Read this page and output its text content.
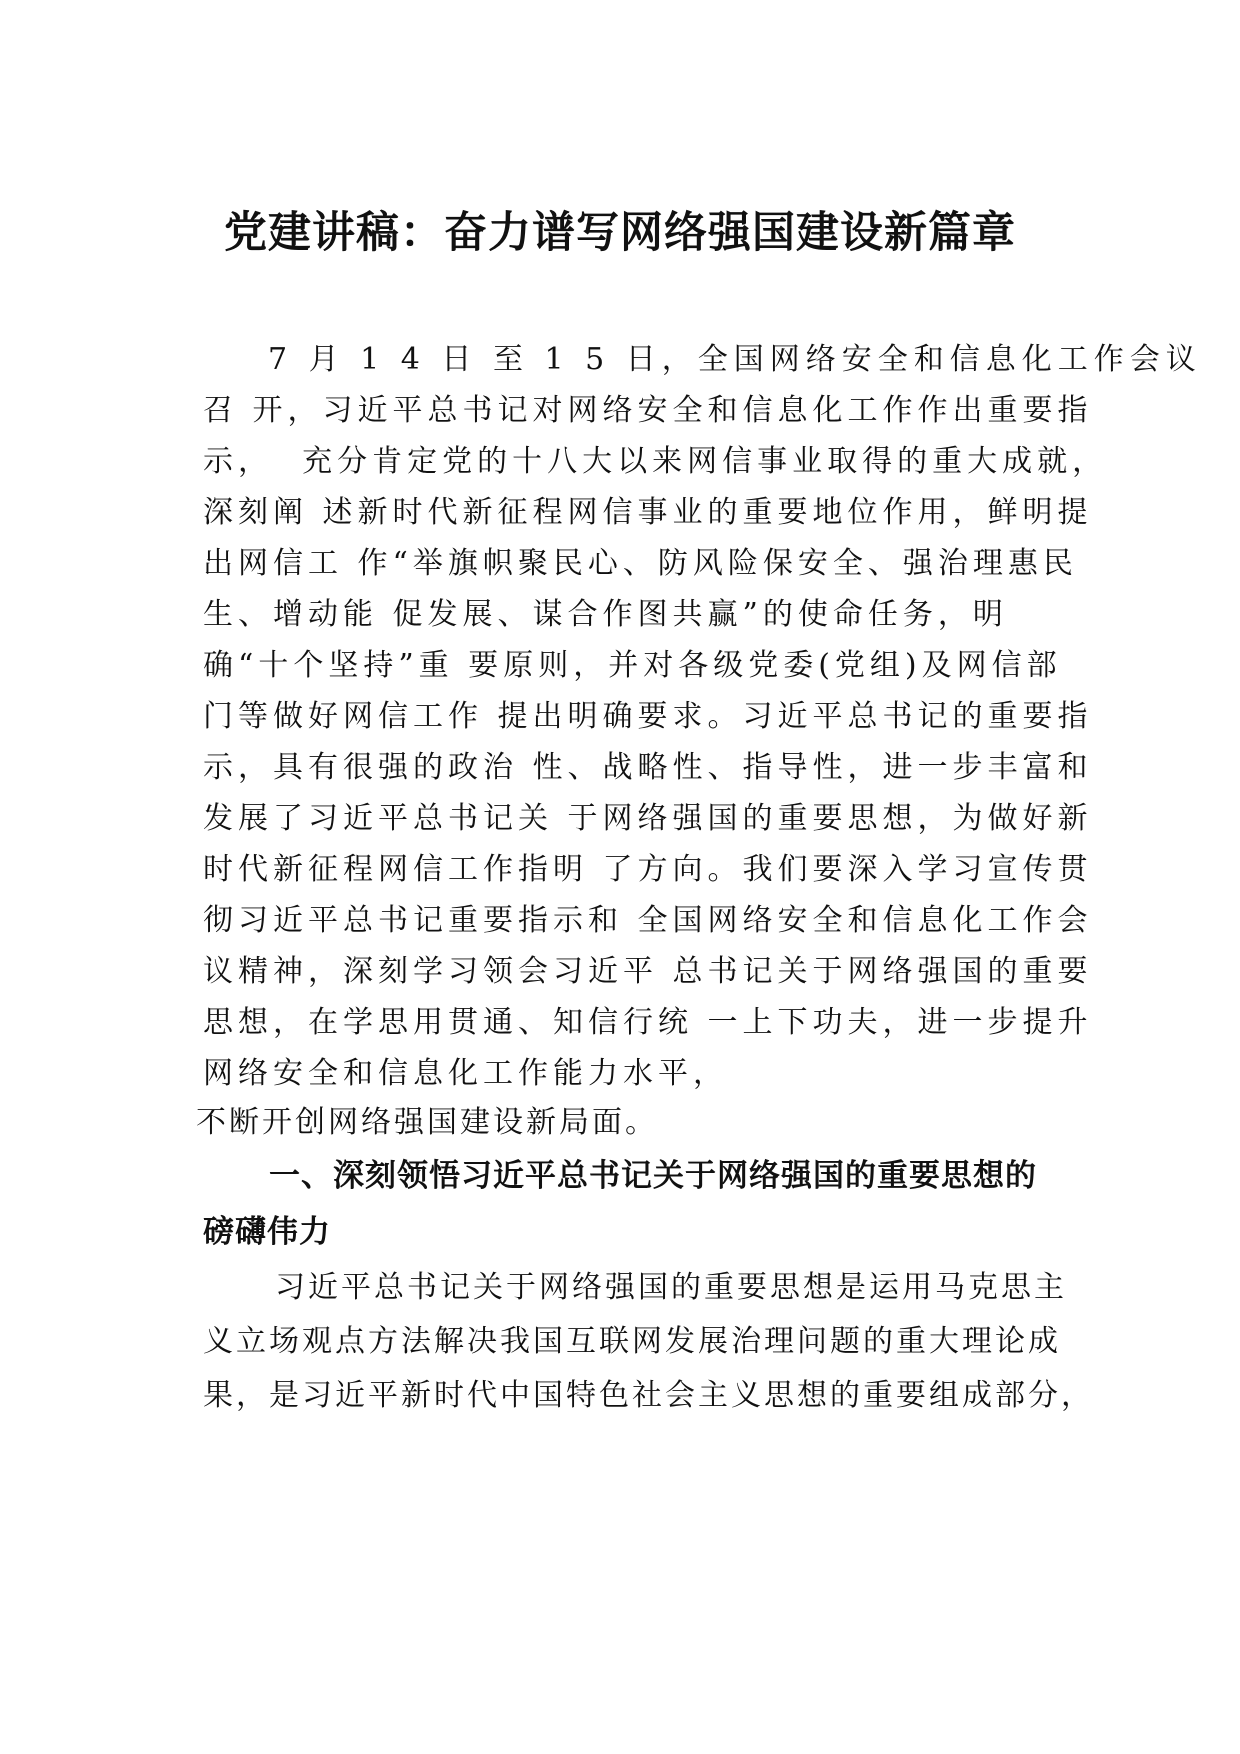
党建讲稿：奋力谱写网络强国建设新篇章
7 月 1 4 日 至 1 5 日，全国网络安全和信息化工作会议
召 开，习近平总书记对网络安全和信息化工作作出重要指
示，  充分肯定党的十八大以来网信事业取得的重大成就，
深刻阐 述新时代新征程网信事业的重要地位作用，鲜明提
出网信工 作“举旗帜聚民心、防风险保安全、强治理惠民
生、增动能 促发展、谋合作图共赢”的使命任务，明
确“十个坚持”重 要原则，并对各级党委(党组)及网信部
门等做好网信工作 提出明确要求。习近平总书记的重要指
示，具有很强的政治 性、战略性、指导性，进一步丰富和
发展了习近平总书记关 于网络强国的重要思想，为做好新
时代新征程网信工作指明 了方向。我们要深入学习宣传贯
彻习近平总书记重要指示和 全国网络安全和信息化工作会
议精神，深刻学习领会习近平 总书记关于网络强国的重要
思想，在学思用贯通、知信行统 一上下功夫，进一步提升
网络安全和信息化工作能力水平，
不断开创网络强国建设新局面。
一、深刻领悟习近平总书记关于网络强国的重要思想的
磅礴伟力
习近平总书记关于网络强国的重要思想是运用马克思主
义立场观点方法解决我国互联网发展治理问题的重大理论成
果，是习近平新时代中国特色社会主义思想的重要组成部分，
